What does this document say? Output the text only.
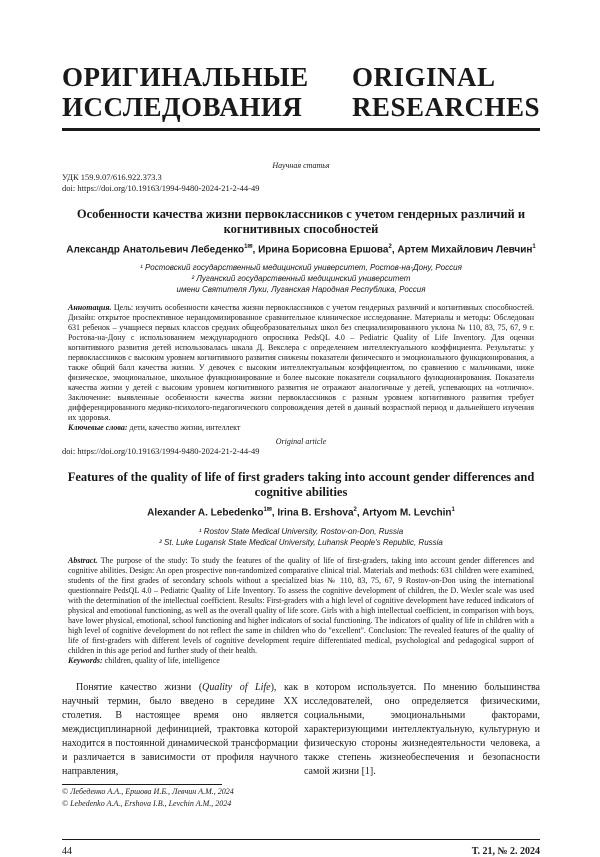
ОРИГИНАЛЬНЫЕ
ИССЛЕДОВАНИЯ
ORIGINAL
RESEARCHES
Научная статья
УДК 159.9.07/616.922.373.3
doi: https://doi.org/10.19163/1994-9480-2024-21-2-44-49
Особенности качества жизни первоклассников с учетом гендерных различий и когнитивных способностей
Александр Анатольевич Лебеденко$^{1✉}$, Ирина Борисовна Ершова$^2$, Артем Михайлович Левчин$^1$
¹ Ростовский государственный медицинский университет, Ростов-на-Дону, Россия
² Луганский государственный медицинский университет
имени Святителя Луки, Луганская Народная Республика, Россия
Аннотация. Цель: изучить особенности качества жизни первоклассников с учетом гендерных различий и когнитивных способностей. Дизайн: открытое проспективное нерандомизированное сравнительное клиническое исследование. Материалы и методы: Обследован 631 ребенок – учащиеся первых классов средних общеобразовательных школ без специализированного уклона № 110, 83, 75, 67, 9 г. Ростова-на-Дону с использованием международного опросника PedsQL 4.0 – Pediatric Quality of Life Inventory. Для оценки когнитивного развития детей использовалась шкала Д. Векслера с определением интеллектуального коэффициента. Результаты: у первоклассников с высоким уровнем когнитивного развития снижены показатели физического и эмоционального функционирования, а также общий балл качества жизни. У девочек с высоким интеллектуальным коэффициентом, по сравнению с мальчиками, ниже физическое, эмоциональное, школьное функционирование и более высокие показатели социального функционирования. Показатели качества жизни у детей с высоким уровнем когнитивного развития не отражают аналогичные у детей, успевающих на «отлично». Заключение: выявленные особенности качества жизни первоклассников с разным уровнем когнитивного развития требует дифференцированного медико-психолого-педагогического сопровождения детей в данный возрастной период и дальнейшего изучения их здоровья.
Ключевые слова: дети, качество жизни, интеллект
Original article
doi: https://doi.org/10.19163/1994-9480-2024-21-2-44-49
Features of the quality of life of first graders taking into account gender differences and cognitive abilities
Alexander A. Lebedenko$^{1✉}$, Irina B. Ershova$^2$, Artyom M. Levchin$^1$
¹ Rostov State Medical University, Rostov-on-Don, Russia
² St. Luke Lugansk State Medical University, Luhansk People's Republic, Russia
Abstract. The purpose of the study: To study the features of the quality of life of first-graders, taking into account gender differences and cognitive abilities. Design: An open prospective non-randomized comparative clinical trial. Materials and methods: 631 children were examined, students of the first grades of secondary schools without a specialized bias № 110, 83, 75, 67, 9 Rostov-on-Don using the international questionnaire PedsQL 4.0 – Pediatric Quality of Life Inventory. To assess the cognitive development of children, the D. Wexler scale was used with the determination of the intellectual coefficient. Results: First-graders with a high level of cognitive development have reduced indicators of physical and emotional functioning, as well as the overall quality of life score. Girls with a high intellectual coefficient, in comparison with boys, have lower physical, emotional, school functioning and higher indicators of social functioning. The indicators of quality of life in children with a high level of cognitive development do not reflect the same in children who do "excellent". Conclusion: The revealed features of the quality of life of first-graders with different levels of cognitive development require differentiated medical, psychological and pedagogical support of children in this age period and further study of their health.
Keywords: children, quality of life, intelligence

Понятие качество жизни (Quality of Life), как научный термин, было введено в середине ХХ столетия. В настоящее время оно является междисциплинарной дефиницией, трактовка которой находится в постоянной динамической трансформации и различается в зависимости от профиля научного направления,

© Лебеденко А.А., Ершова И.Б., Левчин А.М., 2024
© Lebedenko A.A., Ershova I.B., Levchin A.M., 2024

в котором используется. По мнению большинства исследователей, оно определяется физическими, социальными, эмоциональными факторами, характеризующими интеллектуальную, культурную и физическую стороны жизнедеятельности человека, а также степень жизнеобеспечения и безопасности самой жизни [1].

44	Т. 21, № 2. 2024
